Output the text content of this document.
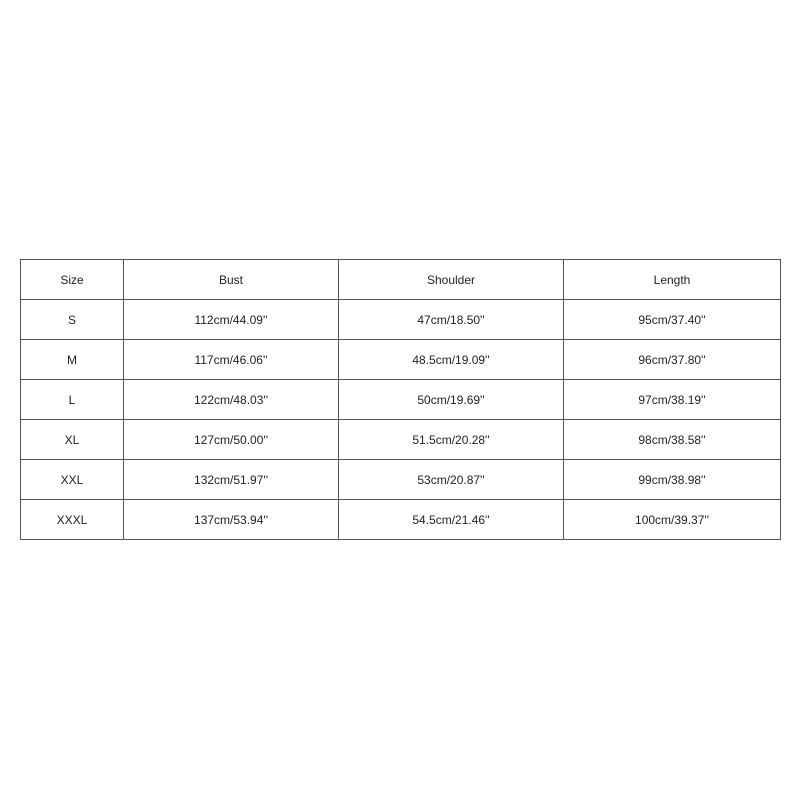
Size	Bust	Shoulder	Length
S	112cm/44.09''	47cm/18.50''	95cm/37.40''
M	117cm/46.06''	48.5cm/19.09''	96cm/37.80''
L	122cm/48.03''	50cm/19.69''	97cm/38.19''
XL	127cm/50.00''	51.5cm/20.28''	98cm/38.58''
XXL	132cm/51.97''	53cm/20.87''	99cm/38.98''
XXXL	137cm/53.94''	54.5cm/21.46''	100cm/39.37''
